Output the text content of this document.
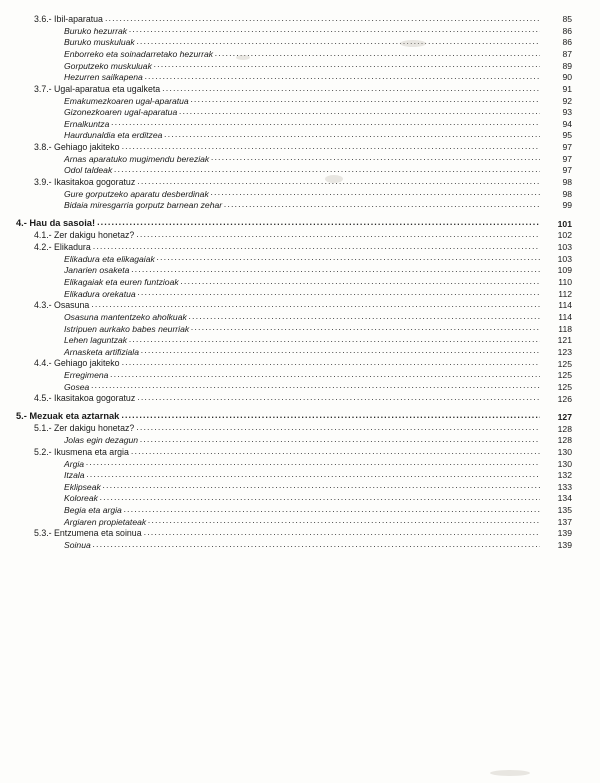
3.6.- Ibil-aparatua .....	85
Buruko hezurrak .....	86
Buruko muskuluak .....	86
Enborreko eta soinadarretako hezurrak .....	87
Gorputzeko muskuluak .....	89
Hezurren sailkapena .....	90
3.7.- Ugal-aparatua eta ugalketa .....	91
Emakumezkoaren ugal-aparatua .....	92
Gizonezkoaren ugal-aparatua .....	93
Ernalkuntza .....	94
Haurdunaldia eta erditzea .....	95
3.8.- Gehiago jakiteko .....	97
Arnas aparatuko mugimendu bereziak .....	97
Odol taldeak .....	97
3.9.- Ikasitakoa gogoratuz .....	98
Gure gorputzeko aparatu desberdinak .....	98
Bidaia miresgarria gorputz barnean zehar .....	99
4.- Hau da sasoia! .....	101
4.1.- Zer dakigu honetaz? .....	102
4.2.- Elikadura .....	103
Elikadura eta elikagaiak .....	103
Janarien osaketa .....	109
Elikagaiak eta euren funtzioak .....	110
Elikadura orekatua .....	112
4.3.- Osasuna .....	114
Osasuna mantentzeko aholkuak .....	114
Istripuen aurkako babes neurriak .....	118
Lehen laguntzak .....	121
Arnasketa artifiziala .....	123
4.4.- Gehiago jakiteko .....	125
Erregimena .....	125
Gosea .....	125
4.5.- Ikasitakoa gogoratuz .....	126
5.- Mezuak eta aztarnak .....	127
5.1.- Zer dakigu honetaz? .....	128
Jolas egin dezagun .....	128
5.2.- Ikusmena eta argia .....	130
Argia .....	130
Itzala .....	132
Eklipseak .....	133
Koloreak .....	134
Begia eta argia .....	135
Argiaren propietateak .....	137
5.3.- Entzumena eta soinua .....	139
Soinua .....	139
